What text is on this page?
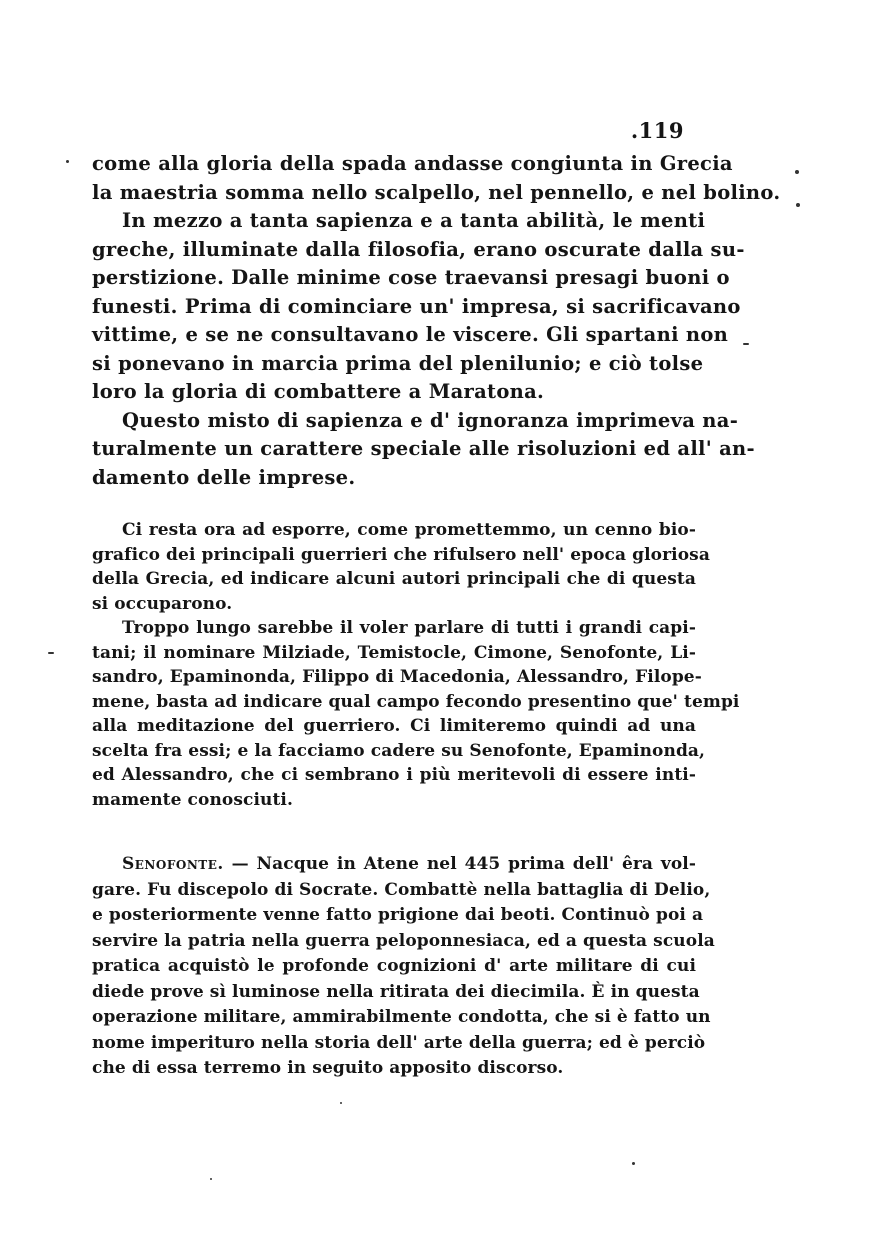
.119

come alla gloria della spada andasse congiunta in Grecia
la maestria somma nello scalpello, nel pennello, e nel bolino.

In mezzo a tanta sapienza e a tanta abilità, le menti
greche, illuminate dalla filosofia, erano oscurate dalla su-
perstizione. Dalle minime cose traevansi presagi buoni o
funesti. Prima di cominciare un' impresa, si sacrificavano
vittime, e se ne consultavano le viscere. Gli spartani non
si ponevano in marcia prima del plenilunio; e ciò tolse
loro la gloria di combattere a Maratona.

Questo misto di sapienza e d' ignoranza imprimeva na-
turalmente un carattere speciale alle risoluzioni ed all' an-
damento delle imprese.

Ci resta ora ad esporre, come promettemmo, un cenno bio-
grafico dei principali guerrieri che rifulsero nell' epoca gloriosa
della Grecia, ed indicare alcuni autori principali che di questa
si occuparono.

Troppo lungo sarebbe il voler parlare di tutti i grandi capi-
tani; il nominare Milziade, Temistocle, Cimone, Senofonte, Li-
sandro, Epaminonda, Filippo di Macedonia, Alessandro, Filope-
mene, basta ad indicare qual campo fecondo presentino que' tempi
alla meditazione del guerriero. Ci limiteremo quindi ad una
scelta fra essi; e la facciamo cadere su Senofonte, Epaminonda,
ed Alessandro, che ci sembrano i più meritevoli di essere inti-
mamente conosciuti.

Senofonte. — Nacque in Atene nel 445 prima dell' êra vol-
gare. Fu discepolo di Socrate. Combattè nella battaglia di Delio,
e posteriormente venne fatto prigione dai beoti. Continuò poi a
servire la patria nella guerra peloponnesiaca, ed a questa scuola
pratica acquistò le profonde cognizioni d' arte militare di cui
diede prove sì luminose nella ritirata dei diecimila. È in questa
operazione militare, ammirabilmente condotta, che si è fatto un
nome imperituro nella storia dell' arte della guerra; ed è perciò
che di essa terremo in seguito apposito discorso.
